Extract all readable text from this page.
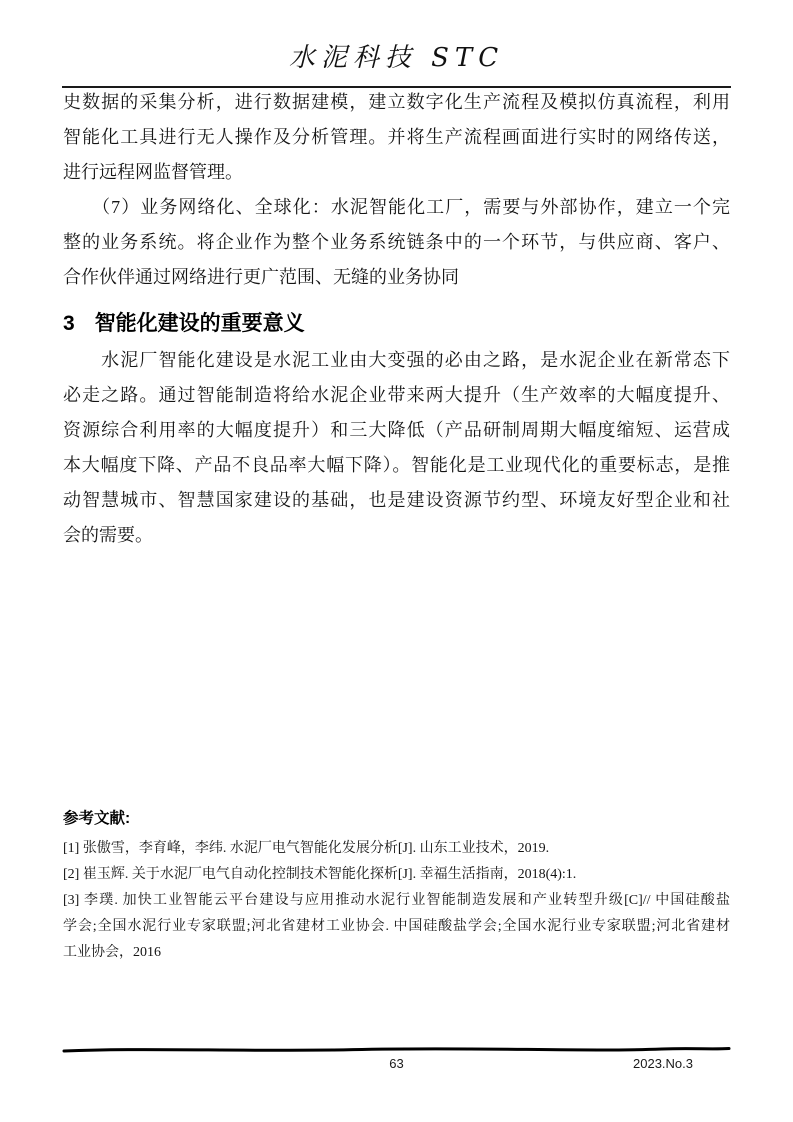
水泥科技 STC
史数据的采集分析，进行数据建模，建立数字化生产流程及模拟仿真流程，利用
智能化工具进行无人操作及分析管理。并将生产流程画面进行实时的网络传送，
进行远程网监督管理。
　　（7）业务网络化、全球化：水泥智能化工厂，需要与外部协作，建立一个完
整的业务系统。将企业作为整个业务系统链条中的一个环节，与供应商、客户、
合作伙伴通过网络进行更广范围、无缝的业务协同
3 智能化建设的重要意义
　　水泥厂智能化建设是水泥工业由大变强的必由之路，是水泥企业在新常态下
必走之路。通过智能制造将给水泥企业带来两大提升（生产效率的大幅度提升、
资源综合利用率的大幅度提升）和三大降低（产品研制周期大幅度缩短、运营成
本大幅度下降、产品不良品率大幅下降）。智能化是工业现代化的重要标志，是推
动智慧城市、智慧国家建设的基础，也是建设资源节约型、环境友好型企业和社
会的需要。
参考文献:
[1] 张傲雪，李育峰，李纬. 水泥厂电气智能化发展分析[J]. 山东工业技术，2019.
[2] 崔玉辉. 关于水泥厂电气自动化控制技术智能化探析[J]. 幸福生活指南，2018(4):1.
[3] 李璞. 加快工业智能云平台建设与应用推动水泥行业智能制造发展和产业转型升级[C]// 中国硅酸盐
学会;全国水泥行业专家联盟;河北省建材工业协会. 中国硅酸盐学会;全国水泥行业专家联盟;河北省建材
工业协会，2016
63	2023.No.3
